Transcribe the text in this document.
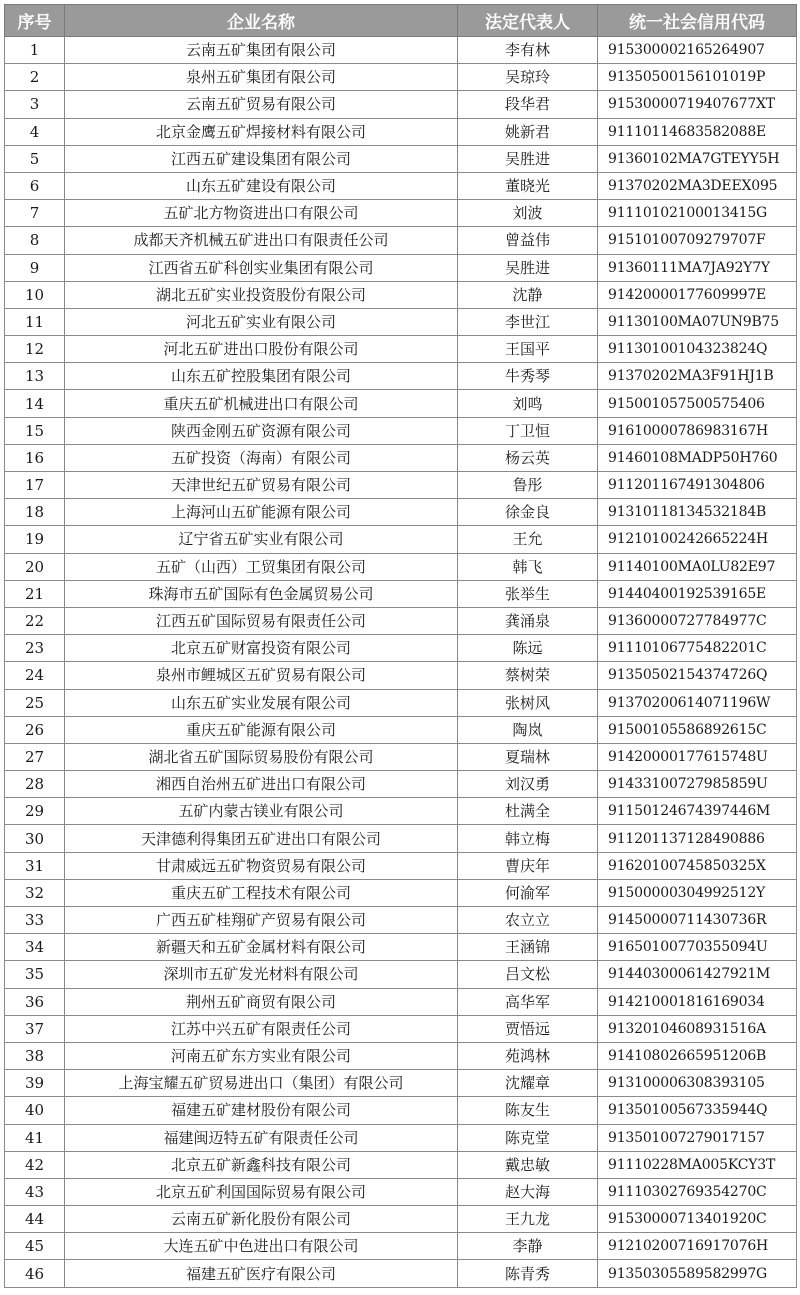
序号	企业名称	法定代表人	统一社会信用代码
1	云南五矿集团有限公司	李有林	915300002165264907
2	泉州五矿集团有限公司	吴琼玲	91350500156101019P
3	云南五矿贸易有限公司	段华君	91530000719407677XT
4	北京金鹰五矿焊接材料有限公司	姚新君	91110114683582088E
5	江西五矿建设集团有限公司	吴胜进	91360102MA7GTEYY5H
6	山东五矿建设有限公司	董晓光	91370202MA3DEEX095
7	五矿北方物资进出口有限公司	刘波	91110102100013415G
8	成都天齐机械五矿进出口有限责任公司	曾益伟	91510100709279707F
9	江西省五矿科创实业集团有限公司	吴胜进	91360111MA7JA92Y7Y
10	湖北五矿实业投资股份有限公司	沈静	91420000177609997E
11	河北五矿实业有限公司	李世江	91130100MA07UN9B75
12	河北五矿进出口股份有限公司	王国平	91130100104323824Q
13	山东五矿控股集团有限公司	牛秀琴	91370202MA3F91HJ1B
14	重庆五矿机械进出口有限公司	刘鸣	915001057500575406
15	陕西金刚五矿资源有限公司	丁卫恒	91610000786983167H
16	五矿投资（海南）有限公司	杨云英	91460108MADP50H760
17	天津世纪五矿贸易有限公司	鲁彤	911201167491304806
18	上海河山五矿能源有限公司	徐金良	91310118134532184B
19	辽宁省五矿实业有限公司	王允	91210100242665224H
20	五矿（山西）工贸集团有限公司	韩飞	91140100MA0LU82E97
21	珠海市五矿国际有色金属贸易公司	张举生	91440400192539165E
22	江西五矿国际贸易有限责任公司	龚涌泉	91360000727784977C
23	北京五矿财富投资有限公司	陈远	91110106775482201C
24	泉州市鲤城区五矿贸易有限公司	蔡树荣	91350502154374726Q
25	山东五矿实业发展有限公司	张树风	91370200614071196W
26	重庆五矿能源有限公司	陶岚	91500105586892615C
27	湖北省五矿国际贸易股份有限公司	夏瑞林	91420000177615748U
28	湘西自治州五矿进出口有限公司	刘汉勇	91433100727985859U
29	五矿内蒙古镁业有限公司	杜满全	91150124674397446M
30	天津德利得集团五矿进出口有限公司	韩立梅	911201137128490886
31	甘肃威远五矿物资贸易有限公司	曹庆年	91620100745850325X
32	重庆五矿工程技术有限公司	何渝军	91500000304992512Y
33	广西五矿桂翔矿产贸易有限公司	农立立	91450000711430736R
34	新疆天和五矿金属材料有限公司	王涵锦	91650100770355094U
35	深圳市五矿发光材料有限公司	吕文松	91440300061427921M
36	荆州五矿商贸有限公司	高华军	914210001816169034
37	江苏中兴五矿有限责任公司	贾悟远	91320104608931516A
38	河南五矿东方实业有限公司	苑鸿林	91410802665951206B
39	上海宝耀五矿贸易进出口（集团）有限公司	沈耀章	913100006308393105
40	福建五矿建材股份有限公司	陈友生	91350100567335944Q
41	福建闽迈特五矿有限责任公司	陈克堂	913501007279017157
42	北京五矿新鑫科技有限公司	戴忠敏	91110228MA005KCY3T
43	北京五矿利国国际贸易有限公司	赵大海	91110302769354270C
44	云南五矿新化股份有限公司	王九龙	91530000713401920C
45	大连五矿中色进出口有限公司	李静	91210200716917076H
46	福建五矿医疗有限公司	陈青秀	91350305589582997G
